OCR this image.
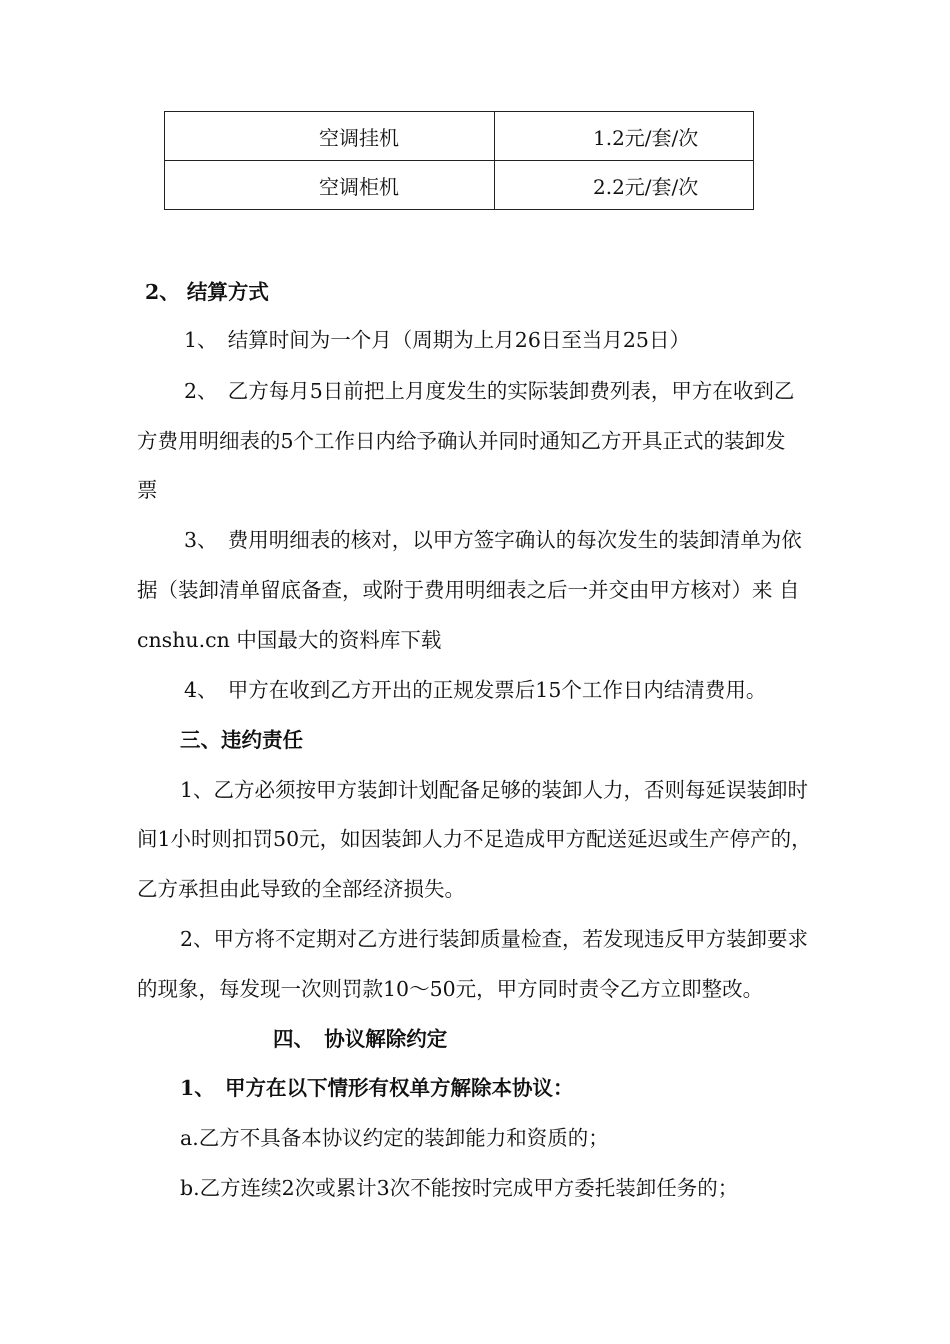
空调挂机	1.2元/套/次
空调柜机	2.2元/套/次
2、 结算方式
1、　结算时间为一个月（周期为上月26日至当月25日）
2、　乙方每月5日前把上月度发生的实际装卸费列表，甲方在收到乙
方费用明细表的5个工作日内给予确认并同时通知乙方开具正式的装卸发
票
3、　费用明细表的核对，以甲方签字确认的每次发生的装卸清单为依
据（装卸清单留底备查，或附于费用明细表之后一并交由甲方核对）来 自
cnshu.cn 中国最大的资料库下载
4、　甲方在收到乙方开出的正规发票后15个工作日内结清费用。
三、违约责任
1、乙方必须按甲方装卸计划配备足够的装卸人力，否则每延误装卸时
间1小时则扣罚50元，如因装卸人力不足造成甲方配送延迟或生产停产的，
乙方承担由此导致的全部经济损失。
2、甲方将不定期对乙方进行装卸质量检查，若发现违反甲方装卸要求
的现象，每发现一次则罚款10～50元，甲方同时责令乙方立即整改。
四、　协议解除约定
1、　甲方在以下情形有权单方解除本协议：
a.乙方不具备本协议约定的装卸能力和资质的；
b.乙方连续2次或累计3次不能按时完成甲方委托装卸任务的；
